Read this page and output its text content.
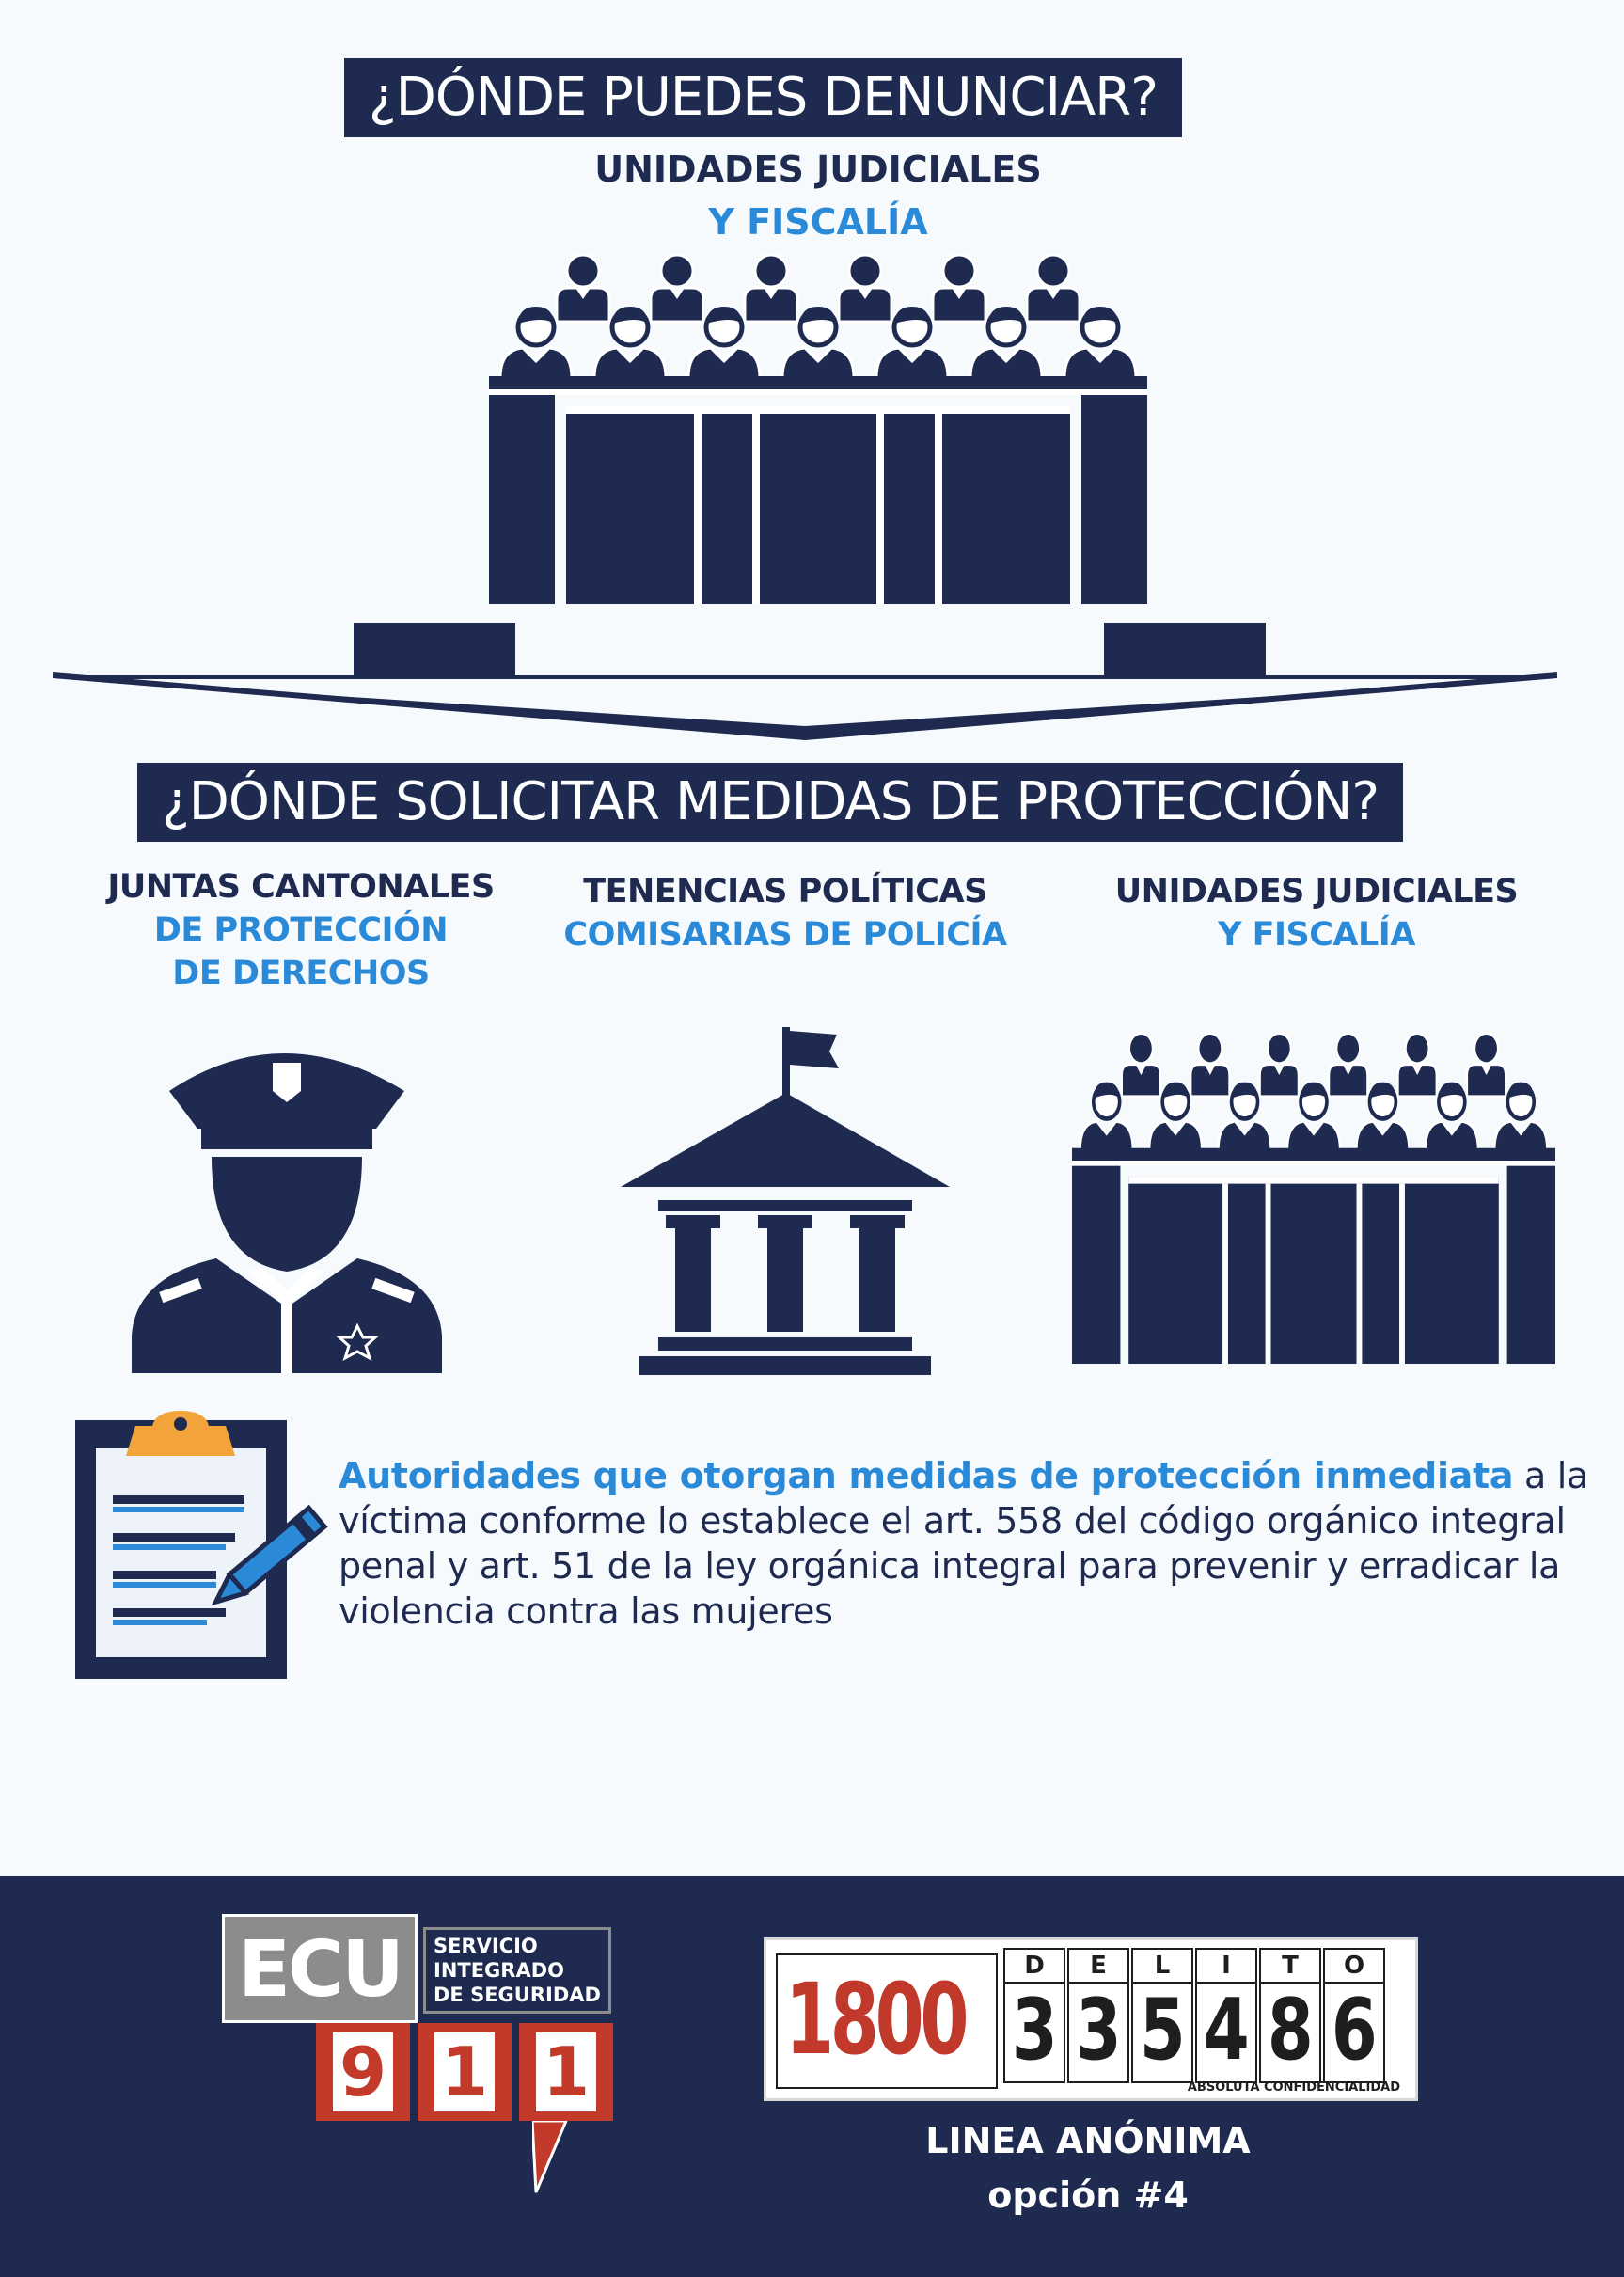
¿DÓNDE PUEDES DENUNCIAR?
UNIDADES JUDICIALES
Y FISCALÍA
¿DÓNDE SOLICITAR MEDIDAS DE PROTECCIÓN?
JUNTAS CANTONALES
DE PROTECCIÓN
DE DERECHOS
TENENCIAS POLÍTICAS
COMISARIAS DE POLICÍA
UNIDADES JUDICIALES
Y FISCALÍA
Autoridades que otorgan medidas de protección inmediata a la víctima conforme lo establece el art. 558 del código orgánico integral penal y art. 51 de la ley orgánica integral para prevenir y erradicar la violencia contra las mujeres
ECU	SERVICIO
INTEGRADO
DE SEGURIDAD
9 1 1 1800	D
3
E
3
L
5
I
4
T
8
O
6
ABSOLUTA CONFIDENCIALIDAD
LINEA ANÓNIMA
opción #4
